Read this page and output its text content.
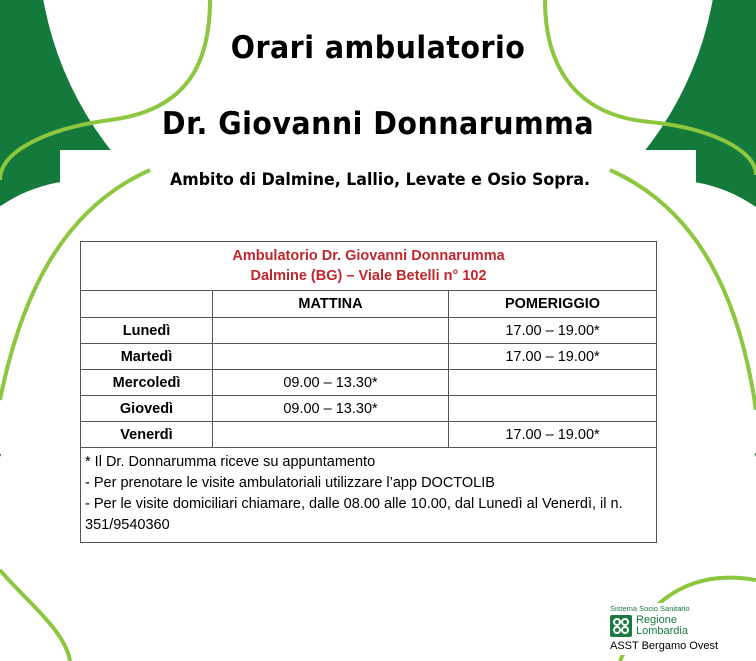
Orari ambulatorio
Dr. Giovanni Donnarumma
Ambito di Dalmine, Lallio, Levate e Osio Sopra.
Ambulatorio Dr. Giovanni Donnarumma
Dalmine (BG) – Viale Betelli n° 102		

	MATTINA	POMERIGGIO
Lunedì		17.00 – 19.00*
Martedì		17.00 – 19.00*
Mercoledì	09.00 – 13.30*	
Giovedì	09.00 – 13.30*	
Venerdì		17.00 – 19.00*

* Il Dr. Donnarumma riceve su appuntamento
- Per prenotare le visite ambulatoriali utilizzare l’app DOCTOLIB
- Per le visite domiciliari chiamare, dalle 08.00 alle 10.00, dal Lunedì al Venerdì, il n. 351/9540360		
Sistema Socio Sanitario
Regione
Lombardia
ASST Bergamo Ovest
